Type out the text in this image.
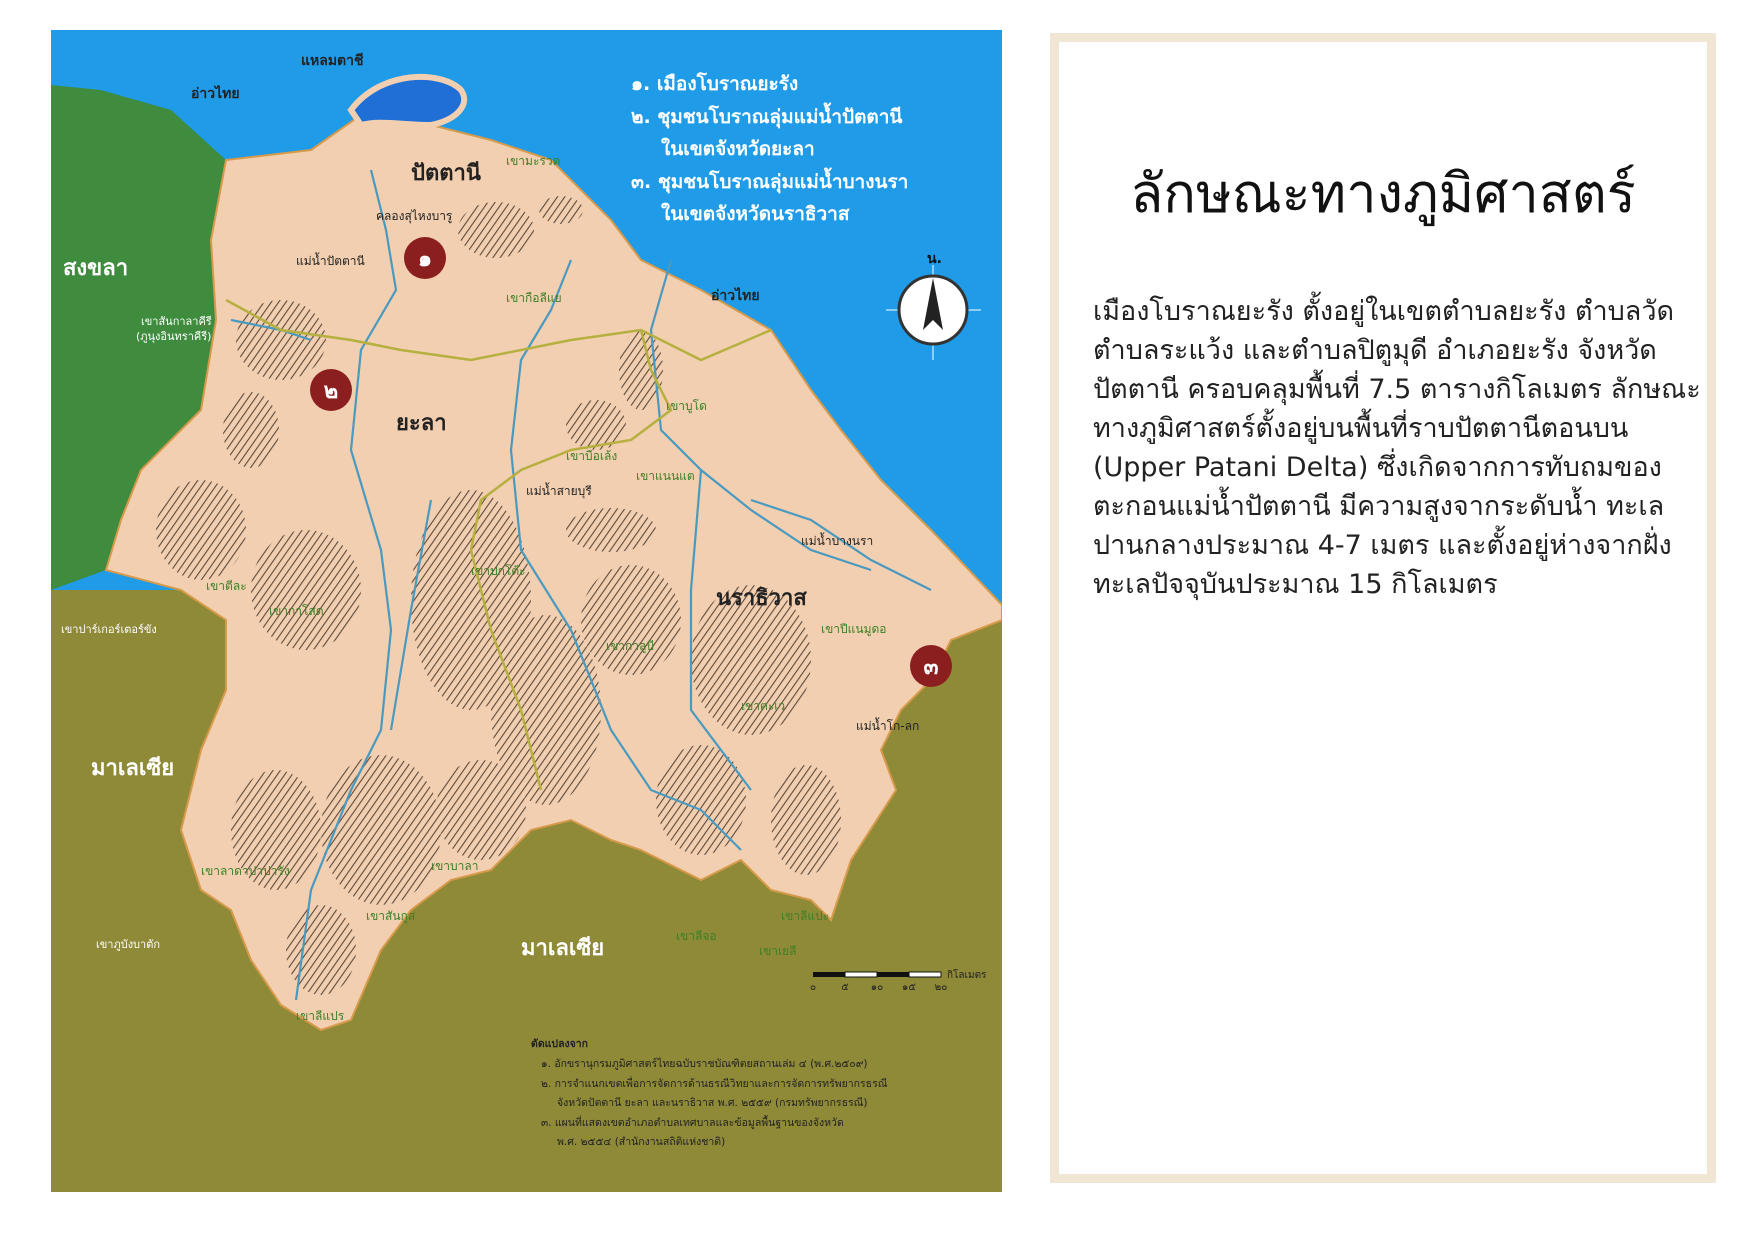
อ่าวไทย
อ่าวไทย
แหลมตาชี
ปัตตานี
ยะลา
นราธิวาส
สงขลา
มาเลเซีย
มาเลเซีย
เขามะรวด
คลองสุไหงบารู
แม่น้ำปัตตานี
เขากือลีแย
เขาสันกาลาคีรี
(ภูนุงอินทราคีรี)
เขาบูโด
เขาบือเล้ง
เขาแนนแต
แม่น้ำสายบุรี
แม่น้ำบางนรา
เขาปกโต๊ะ
เขาตีละ
เขากาโสด
เขาปาร์เกอร์เตอร์ขัง
เขากาลูบี
เขาปีแนมูดอ
เขาตะเว
แม่น้ำโก-ลก
เขาลาดาปาปารัง	เขาบาลา
เขาสันกูส
เขาภูบังบาตัก
เขาลีแปะ
เขาลีจอ
เขาเยลี
เขาลีแปร
๑
๒
๓
๑. เมืองโบราณยะรัง
๒. ชุมชนโบราณลุ่มแม่น้ำปัตตานี
ในเขตจังหวัดยะลา
๓. ชุมชนโบราณลุ่มแม่น้ำบางนรา
ในเขตจังหวัดนราธิวาส
น.
๐	๕ ๑๐ ๑๕ ๒๐
กิโลเมตร
ดัดแปลงจาก
๑. อักขรานุกรมภูมิศาสตร์ไทยฉบับราชบัณฑิตยสถานเล่ม ๔ (พ.ศ.๒๕๐๙)
๒. การจำแนกเขตเพื่อการจัดการด้านธรณีวิทยาและการจัดการทรัพยากรธรณี
จังหวัดปัตตานี ยะลา และนราธิวาส พ.ศ. ๒๕๕๙ (กรมทรัพยากรธรณี)
๓. แผนที่แสดงเขตอำเภอตำบลเทศบาลและข้อมูลพื้นฐานของจังหวัด
พ.ศ. ๒๕๕๔ (สำนักงานสถิติแห่งชาติ)
ลักษณะทางภูมิศาสตร์

เมืองโบราณยะรัง ตั้งอยู่ในเขตตำบลยะรัง ตำบลวัด ตำบลระแว้ง และตำบลปิตูมุดี อำเภอยะรัง จังหวัดปัตตานี ครอบคลุมพื้นที่ 7.5 ตารางกิโลเมตร ลักษณะทางภูมิศาสตร์ตั้งอยู่บนพื้นที่ราบปัตตานีตอนบน (Upper Patani Delta) ซึ่งเกิดจากการทับถมของตะกอนแม่น้ำปัตตานี มีความสูงจากระดับน้ำ ทะเลปานกลางประมาณ 4-7 เมตร และตั้งอยู่ห่างจากฝั่งทะเลปัจจุบันประมาณ 15 กิโลเมตร
